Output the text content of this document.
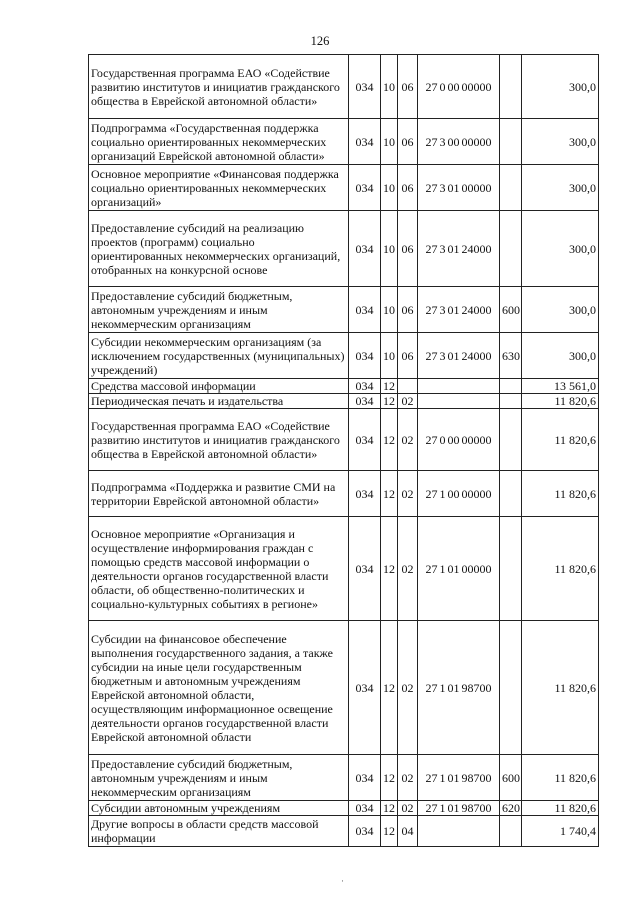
126
Государственная программа ЕАО «Содействие развитию институтов и инициатив гражданского общества в Еврейской автономной области»	034	10	06	27 0 00 00000		300,0
Подпрограмма «Государственная поддержка социально ориентированных некоммерческих организаций Еврейской автономной области»	034	10	06	27 3 00 00000		300,0
Основное мероприятие «Финансовая поддержка социально ориентированных некоммерческих организаций»	034	10	06	27 3 01 00000		300,0
Предоставление субсидий на реализацию проектов (программ) социально ориентированных некоммерческих организаций, отобранных на конкурсной основе	034	10	06	27 3 01 24000		300,0
Предоставление субсидий бюджетным, автономным учреждениям и иным некоммерческим организациям	034	10	06	27 3 01 24000	600	300,0
Субсидии некоммерческим организациям (за исключением государственных (муниципальных) учреждений)	034	10	06	27 3 01 24000	630	300,0
Средства массовой информации	034	12				13 561,0
Периодическая печать и издательства	034	12	02			11 820,6
Государственная программа ЕАО «Содействие развитию институтов и инициатив гражданского общества в Еврейской автономной области»	034	12	02	27 0 00 00000		11 820,6
Подпрограмма «Поддержка и развитие СМИ на территории Еврейской автономной области»	034	12	02	27 1 00 00000		11 820,6
Основное мероприятие «Организация и осуществление информирования граждан с помощью средств массовой информации о деятельности органов государственной власти области, об общественно-политических и социально-культурных событиях в регионе»	034	12	02	27 1 01 00000		11 820,6
Субсидии на финансовое обеспечение выполнения государственного задания, а также субсидии на иные цели государственным бюджетным и автономным учреждениям Еврейской автономной области, осуществляющим информационное освещение деятельности органов государственной власти Еврейской автономной области	034	12	02	27 1 01 98700		11 820,6
Предоставление субсидий бюджетным, автономным учреждениям и иным некоммерческим организациям	034	12	02	27 1 01 98700	600	11 820,6
Субсидии автономным учреждениям	034	12	02	27 1 01 98700	620	11 820,6
Другие вопросы в области средств массовой информации	034	12	04			1 740,4
·
